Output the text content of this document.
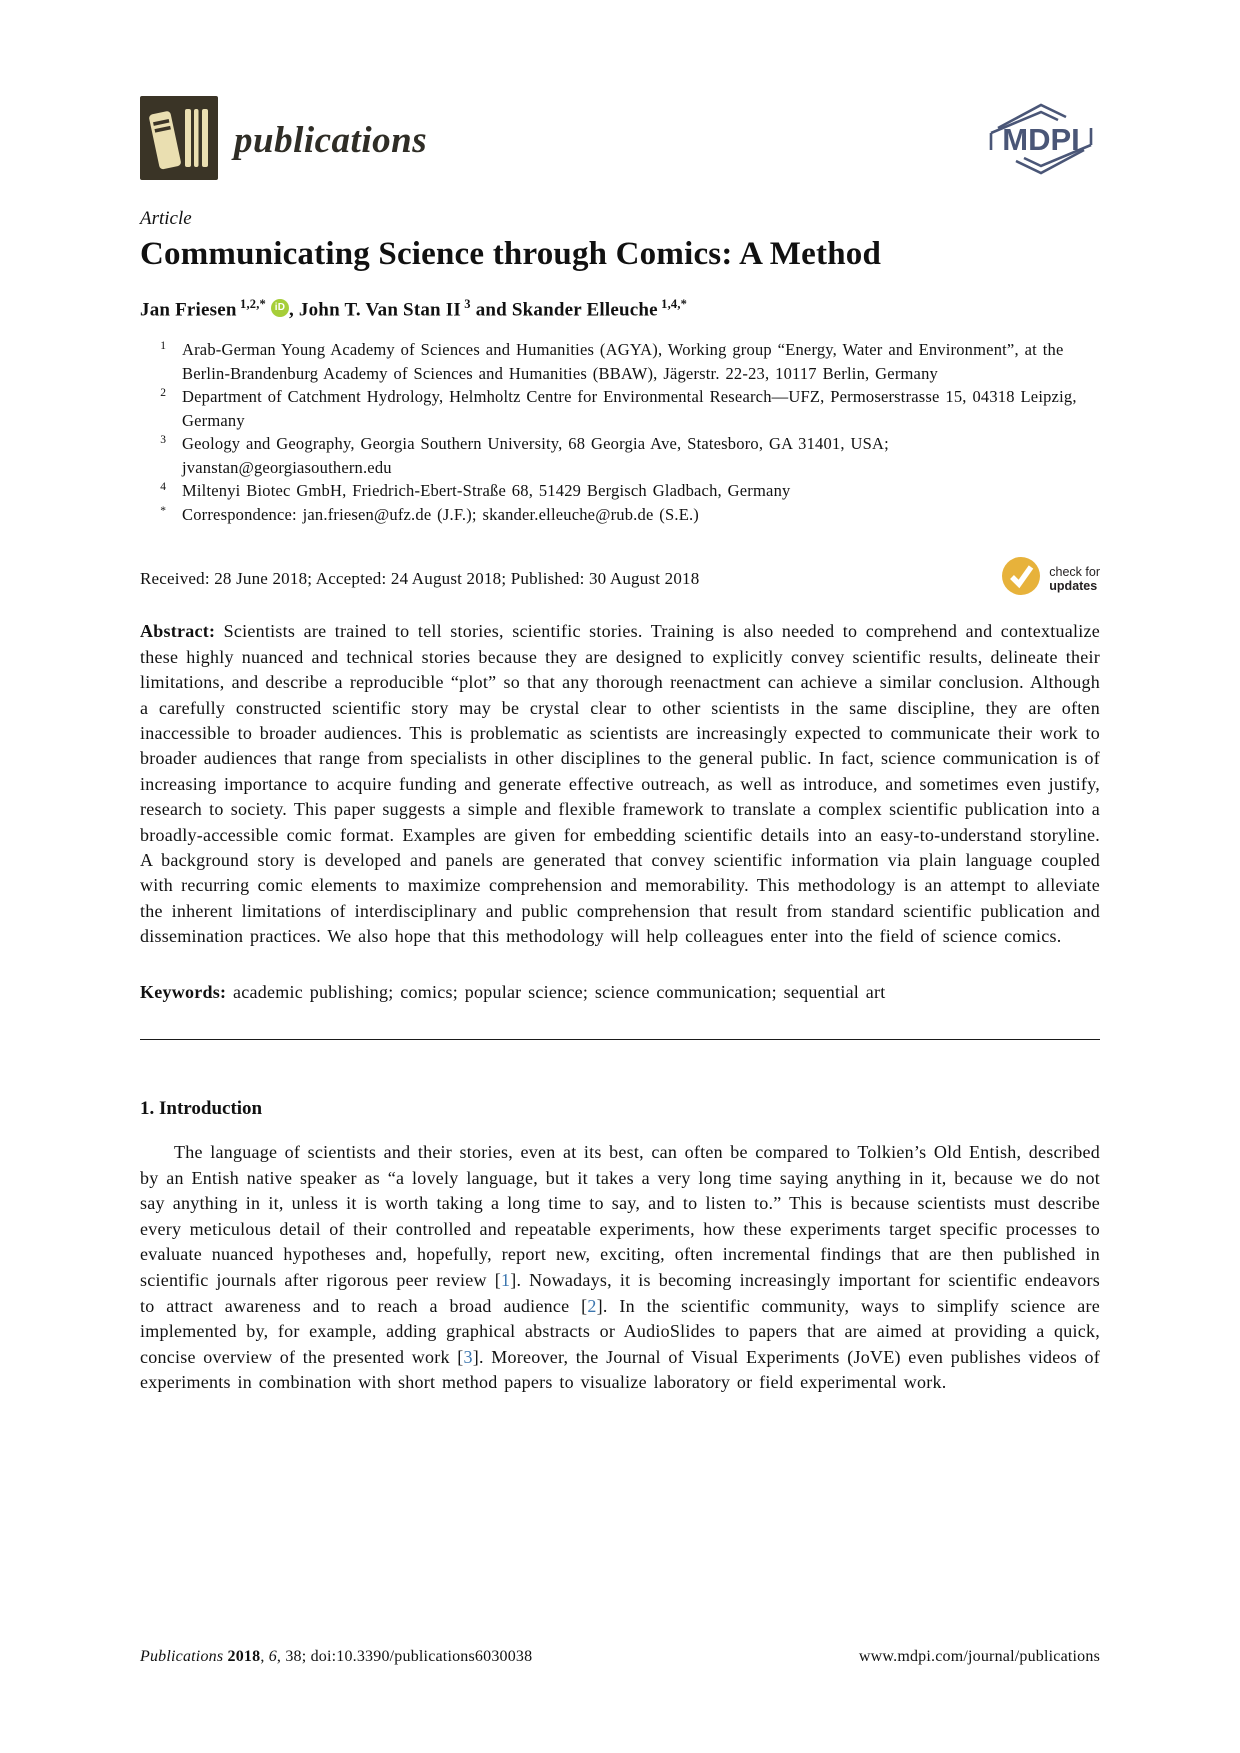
publications	MDPI
Article
Communicating Science through Comics: A Method
Jan Friesen $^{1,2,*}$ iD , John T. Van Stan II $^3$ and Skander Elleuche $^{1,4,*}$
1 Arab-German Young Academy of Sciences and Humanities (AGYA), Working group “Energy, Water and Environment”, at the Berlin-Brandenburg Academy of Sciences and Humanities (BBAW), Jägerstr. 22-23, 10117 Berlin, Germany
2 Department of Catchment Hydrology, Helmholtz Centre for Environmental Research—UFZ, Permoserstrasse 15, 04318 Leipzig, Germany
3 Geology and Geography, Georgia Southern University, 68 Georgia Ave, Statesboro, GA 31401, USA; jvanstan@georgiasouthern.edu
4 Miltenyi Biotec GmbH, Friedrich-Ebert-Straße 68, 51429 Bergisch Gladbach, Germany
* Correspondence: jan.friesen@ufz.de (J.F.); skander.elleuche@rub.de (S.E.)
Received: 28 June 2018; Accepted: 24 August 2018; Published: 30 August 2018	check for
updates

Abstract: Scientists are trained to tell stories, scientific stories. Training is also needed to comprehend and contextualize these highly nuanced and technical stories because they are designed to explicitly convey scientific results, delineate their limitations, and describe a reproducible “plot” so that any thorough reenactment can achieve a similar conclusion. Although a carefully constructed scientific story may be crystal clear to other scientists in the same discipline, they are often inaccessible to broader audiences. This is problematic as scientists are increasingly expected to communicate their work to broader audiences that range from specialists in other disciplines to the general public. In fact, science communication is of increasing importance to acquire funding and generate effective outreach, as well as introduce, and sometimes even justify, research to society. This paper suggests a simple and flexible framework to translate a complex scientific publication into a broadly-accessible comic format. Examples are given for embedding scientific details into an easy-to-understand storyline. A background story is developed and panels are generated that convey scientific information via plain language coupled with recurring comic elements to maximize comprehension and memorability. This methodology is an attempt to alleviate the inherent limitations of interdisciplinary and public comprehension that result from standard scientific publication and dissemination practices. We also hope that this methodology will help colleagues enter into the field of science comics.

Keywords: academic publishing; comics; popular science; science communication; sequential art

1. Introduction

The language of scientists and their stories, even at its best, can often be compared to Tolkien’s Old Entish, described by an Entish native speaker as “a lovely language, but it takes a very long time saying anything in it, because we do not say anything in it, unless it is worth taking a long time to say, and to listen to.” This is because scientists must describe every meticulous detail of their controlled and repeatable experiments, how these experiments target specific processes to evaluate nuanced hypotheses and, hopefully, report new, exciting, often incremental findings that are then published in scientific journals after rigorous peer review [1]. Nowadays, it is becoming increasingly important for scientific endeavors to attract awareness and to reach a broad audience [2]. In the scientific community, ways to simplify science are implemented by, for example, adding graphical abstracts or AudioSlides to papers that are aimed at providing a quick, concise overview of the presented work [3]. Moreover, the Journal of Visual Experiments (JoVE) even publishes videos of experiments in combination with short method papers to visualize laboratory or field experimental work.

Publications 2018, 6, 38; doi:10.3390/publications6030038	www.mdpi.com/journal/publications
